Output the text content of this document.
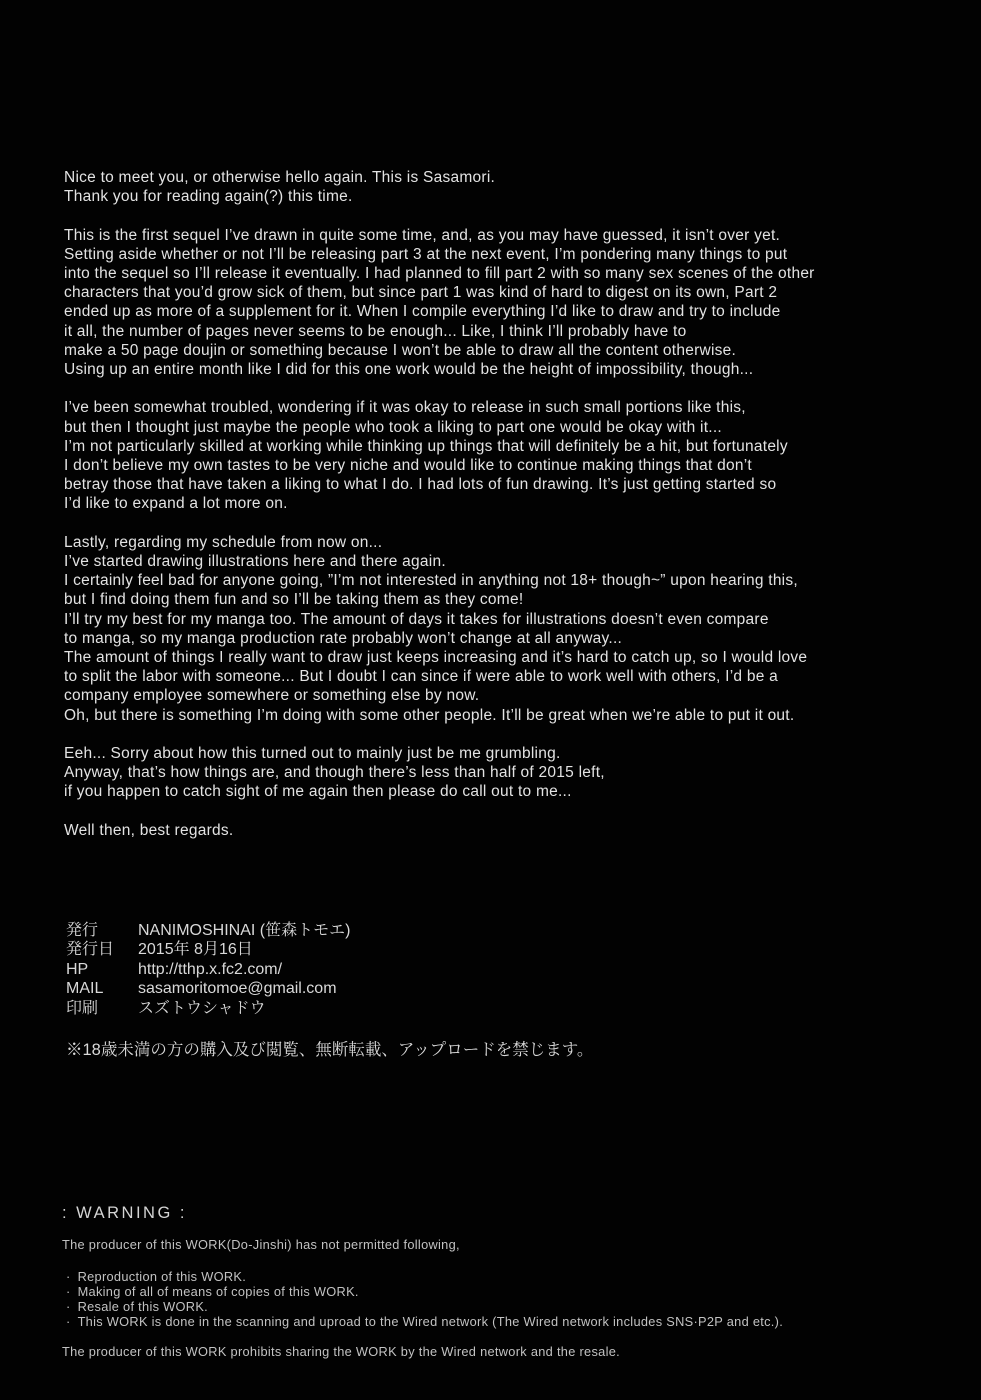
Nice to meet you, or otherwise hello again. This is Sasamori.
Thank you for reading again(?) this time.
This is the first sequel I’ve drawn in quite some time, and, as you may have guessed, it isn’t over yet.
Setting aside whether or not I’ll be releasing part 3 at the next event, I’m pondering many things to put
into the sequel so I’ll release it eventually. I had planned to fill part 2 with so many sex scenes of the other
characters that you’d grow sick of them, but since part 1 was kind of hard to digest on its own, Part 2
ended up as more of a supplement for it. When I compile everything I’d like to draw and try to include
it all, the number of pages never seems to be enough... Like, I think I’ll probably have to
make a 50 page doujin or something because I won’t be able to draw all the content otherwise.
Using up an entire month like I did for this one work would be the height of impossibility, though...
I’ve been somewhat troubled, wondering if it was okay to release in such small portions like this,
but then I thought just maybe the people who took a liking to part one would be okay with it...
I’m not particularly skilled at working while thinking up things that will definitely be a hit, but fortunately
I don’t believe my own tastes to be very niche and would like to continue making things that don’t
betray those that have taken a liking to what I do. I had lots of fun drawing. It’s just getting started so
I’d like to expand a lot more on.
Lastly, regarding my schedule from now on...
I’ve started drawing illustrations here and there again.
I certainly feel bad for anyone going, ”I’m not interested in anything not 18+ though~” upon hearing this,
but I find doing them fun and so I’ll be taking them as they come!
I’ll try my best for my manga too. The amount of days it takes for illustrations doesn’t even compare
to manga, so my manga production rate probably won’t change at all anyway...
The amount of things I really want to draw just keeps increasing and it’s hard to catch up, so I would love
to split the labor with someone... But I doubt I can since if were able to work well with others, I’d be a
company employee somewhere or something else by now.
Oh, but there is something I’m doing with some other people. It’ll be great when we’re able to put it out.
Eeh... Sorry about how this turned out to mainly just be me grumbling.
Anyway, that’s how things are, and though there’s less than half of 2015 left,
if you happen to catch sight of me again then please do call out to me...
Well then, best regards.
発行	NANIMOSHINAI (笹森トモエ)
発行日	2015年 8月16日
HP	http://tthp.x.fc2.com/
MAIL	sasamoritomoe@gmail.com
印刷	スズトウシャドウ
※18歳未満の方の購入及び閲覧、無断転載、アップロードを禁じます。
: WARNING :
The producer of this WORK(Do-Jinshi) has not permitted following,
· Reproduction of this WORK.
· Making of all of means of copies of this WORK.
· Resale of this WORK.
· This WORK is done in the scanning and uproad to the Wired network (The Wired network includes SNS·P2P and etc.).
The producer of this WORK prohibits sharing the WORK by the Wired network and the resale.
